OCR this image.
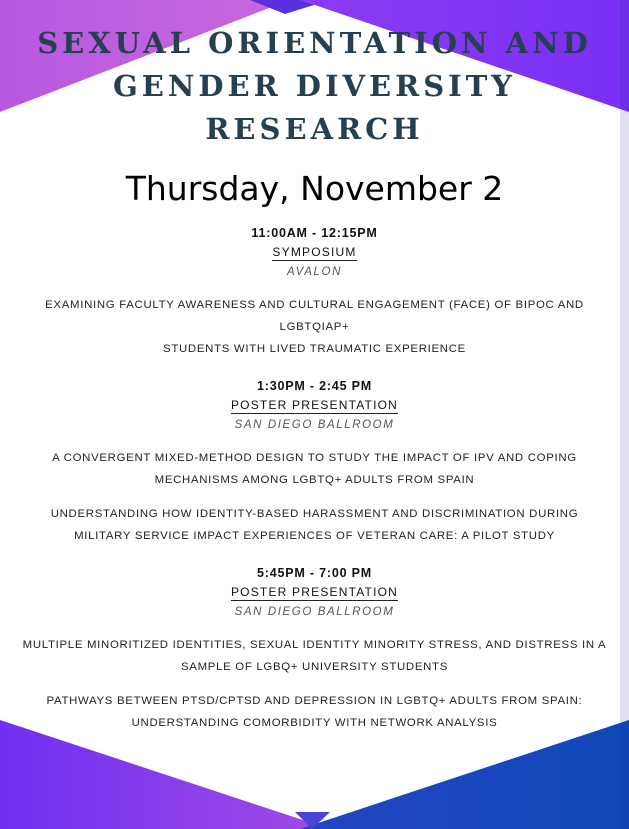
SEXUAL ORIENTATION AND
GENDER DIVERSITY
RESEARCH
Thursday, November 2
11:00AM - 12:15PM
SYMPOSIUM
AVALON
EXAMINING FACULTY AWARENESS AND CULTURAL ENGAGEMENT (FACE) OF BIPOC AND LGBTQIAP+
STUDENTS WITH LIVED TRAUMATIC EXPERIENCE
1:30PM - 2:45 PM
POSTER PRESENTATION
SAN DIEGO BALLROOM
A CONVERGENT MIXED-METHOD DESIGN TO STUDY THE IMPACT OF IPV AND COPING
MECHANISMS AMONG LGBTQ+ ADULTS FROM SPAIN
UNDERSTANDING HOW IDENTITY-BASED HARASSMENT AND DISCRIMINATION DURING
MILITARY SERVICE IMPACT EXPERIENCES OF VETERAN CARE: A PILOT STUDY
5:45PM - 7:00 PM
POSTER PRESENTATION
SAN DIEGO BALLROOM
MULTIPLE MINORITIZED IDENTITIES, SEXUAL IDENTITY MINORITY STRESS, AND DISTRESS IN A
SAMPLE OF LGBQ+ UNIVERSITY STUDENTS
PATHWAYS BETWEEN PTSD/CPTSD AND DEPRESSION IN LGBTQ+ ADULTS FROM SPAIN:
UNDERSTANDING COMORBIDITY WITH NETWORK ANALYSIS
